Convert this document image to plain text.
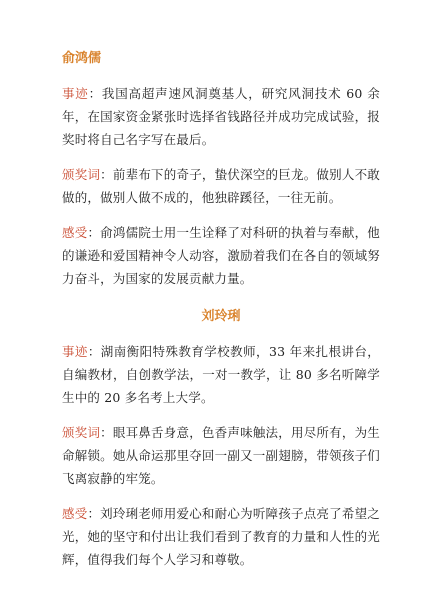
俞鸿儒

事迹：我国高超声速风洞奠基人，研究风洞技术 60 余年，在国家资金紧张时选择省钱路径并成功完成试验，报奖时将自己名字写在最后。

颁奖词：前辈布下的奇子，蛰伏深空的巨龙。做别人不敢做的，做别人做不成的，他独辟蹊径，一往无前。

感受：俞鸿儒院士用一生诠释了对科研的执着与奉献，他的谦逊和爱国精神令人动容，激励着我们在各自的领域努力奋斗，为国家的发展贡献力量。

刘玲琍

事迹：湖南衡阳特殊教育学校教师，33 年来扎根讲台，自编教材，自创教学法，一对一教学，让 80 多名听障学生中的 20 多名考上大学。

颁奖词：眼耳鼻舌身意，色香声味触法，用尽所有，为生命解锁。她从命运那里夺回一副又一副翅膀，带领孩子们飞离寂静的牢笼。

感受：刘玲琍老师用爱心和耐心为听障孩子点亮了希望之光，她的坚守和付出让我们看到了教育的力量和人性的光辉，值得我们每个人学习和尊敬。
